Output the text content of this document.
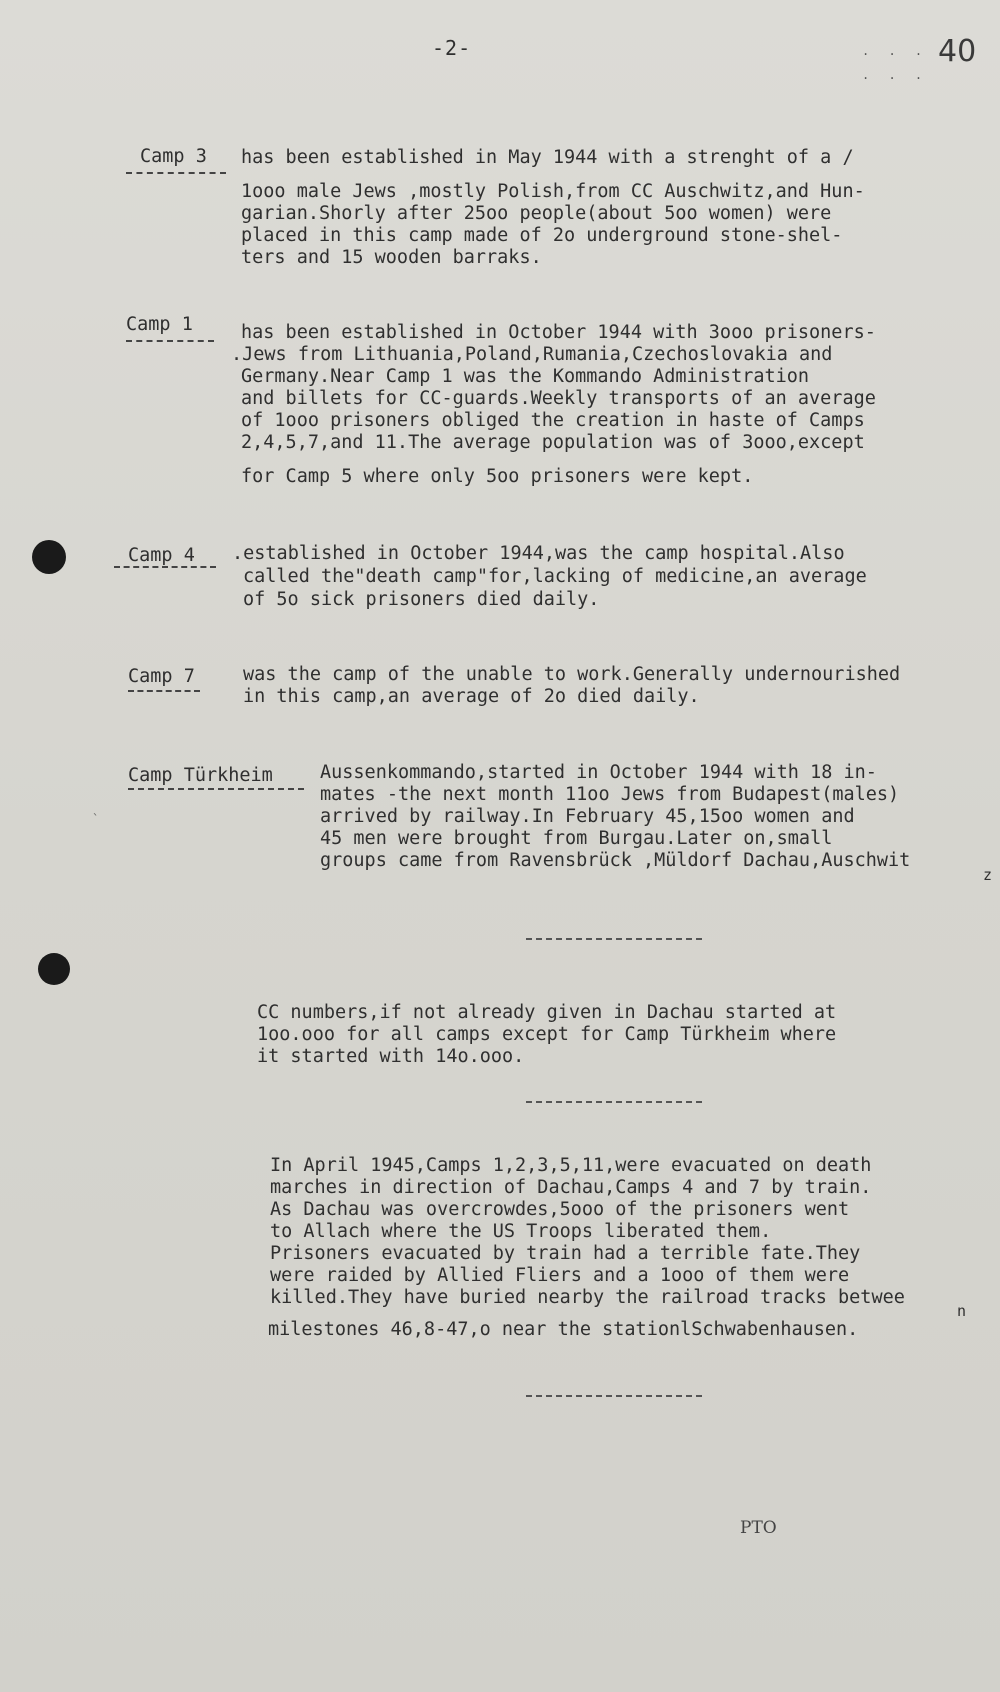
-2-	. . .
. . .
40
Camp 3 has been established in May 1944 with a strenght of a /
1ooo male Jews ,mostly Polish,from CC Auschwitz,and Hun-
garian.Shorly after 25oo people(about 5oo women) were
placed in this camp made of 2o underground stone-shel-
ters and 15 wooden barraks.
Camp 1	has been established in October 1944 with 3ooo prisoners-
.Jews from Lithuania,Poland,Rumania,Czechoslovakia and
Germany.Near Camp 1 was the Kommando Administration
and billets for CC-guards.Weekly transports of an average
of 1ooo prisoners obliged the creation in haste of Camps
2,4,5,7,and 11.The average population was of 3ooo,except
for Camp 5 where only 5oo prisoners were kept.
Camp 4 .established in October 1944,was the camp hospital.Also
called the"death camp"for,lacking of medicine,an average
of 5o sick prisoners died daily.
Camp 7	was the camp of the unable to work.Generally undernourished
in this camp,an average of 2o died daily.
Camp Türkheim	Aussenkommando,started in October 1944 with 18 in-
mates -the next month 11oo Jews from Budapest(males)
arrived by railway.In February 45,15oo women and
45 men were brought from Burgau.Later on,small
groups came from Ravensbrück ,Müldorf Dachau,Auschwit
z
`
CC numbers,if not already given in Dachau started at
1oo.ooo for all camps except for Camp Türkheim where
it started with 14o.ooo.
In April 1945,Camps 1,2,3,5,11,were evacuated on death
marches in direction of Dachau,Camps 4 and 7 by train.
As Dachau was overcrowdes,5ooo of the prisoners went
to Allach where the US Troops liberated them.
Prisoners evacuated by train had a terrible fate.They
were raided by Allied Fliers and a 1ooo of them were
killed.They have buried nearby the railroad tracks betwee
n
milestones 46,8-47,o near the stationlSchwabenhausen.
PTO
